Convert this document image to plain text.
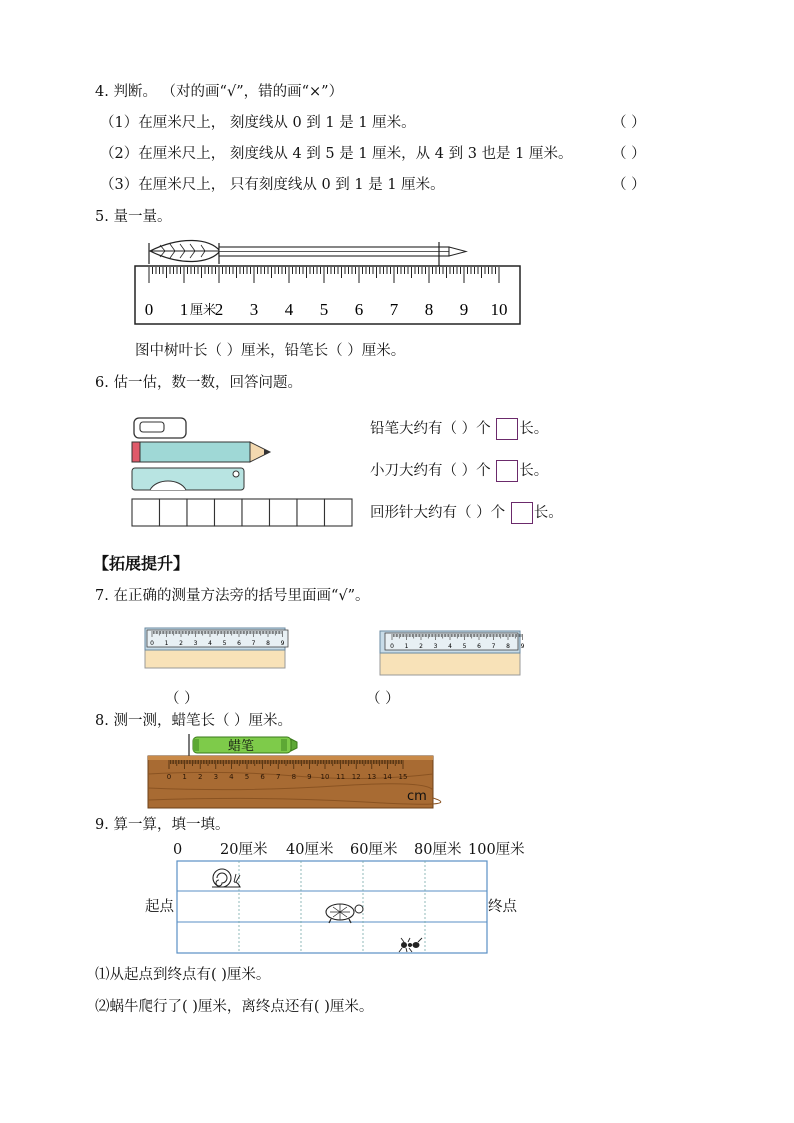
4. 判断。 （对的画“√”，错的画“×”）
（1）在厘米尺上， 刻度线从 0 到 1 是 1 厘米。	（ ）
（2）在厘米尺上， 刻度线从 4 到 5 是 1 厘米，从 4 到 3 也是 1 厘米。	（ ）
（3）在厘米尺上， 只有刻度线从 0 到 1 是 1 厘米。	（ ）
5. 量一量。
0 1 2 3 4 5 6 7 8 9 10
厘米
图中树叶长（ ）厘米，铅笔长（ ）厘米。
6. 估一估，数一数，回答问题。
铅笔大约有（ ）个 长。
小刀大约有（ ）个 长。
回形针大约有（ ）个 长。
【拓展提升】
7. 在正确的测量方法旁的括号里面画“√”。
0 1 2 3 4 5 6 7 8 9	0 1 2 3 4 5 6 7 8 9
（ ）	（ ）
8. 测一测，蜡笔长（ ）厘米。
蜡笔
0 1 2 3 4 5 6 7 8 9 10 11 12 13 14 15
cm
9. 算一算，填一填。
0	20厘米 40厘米 60厘米 80厘米 100厘米
起点	终点
⑴从起点到终点有( )厘米。
⑵蜗牛爬行了( )厘米，离终点还有( )厘米。
